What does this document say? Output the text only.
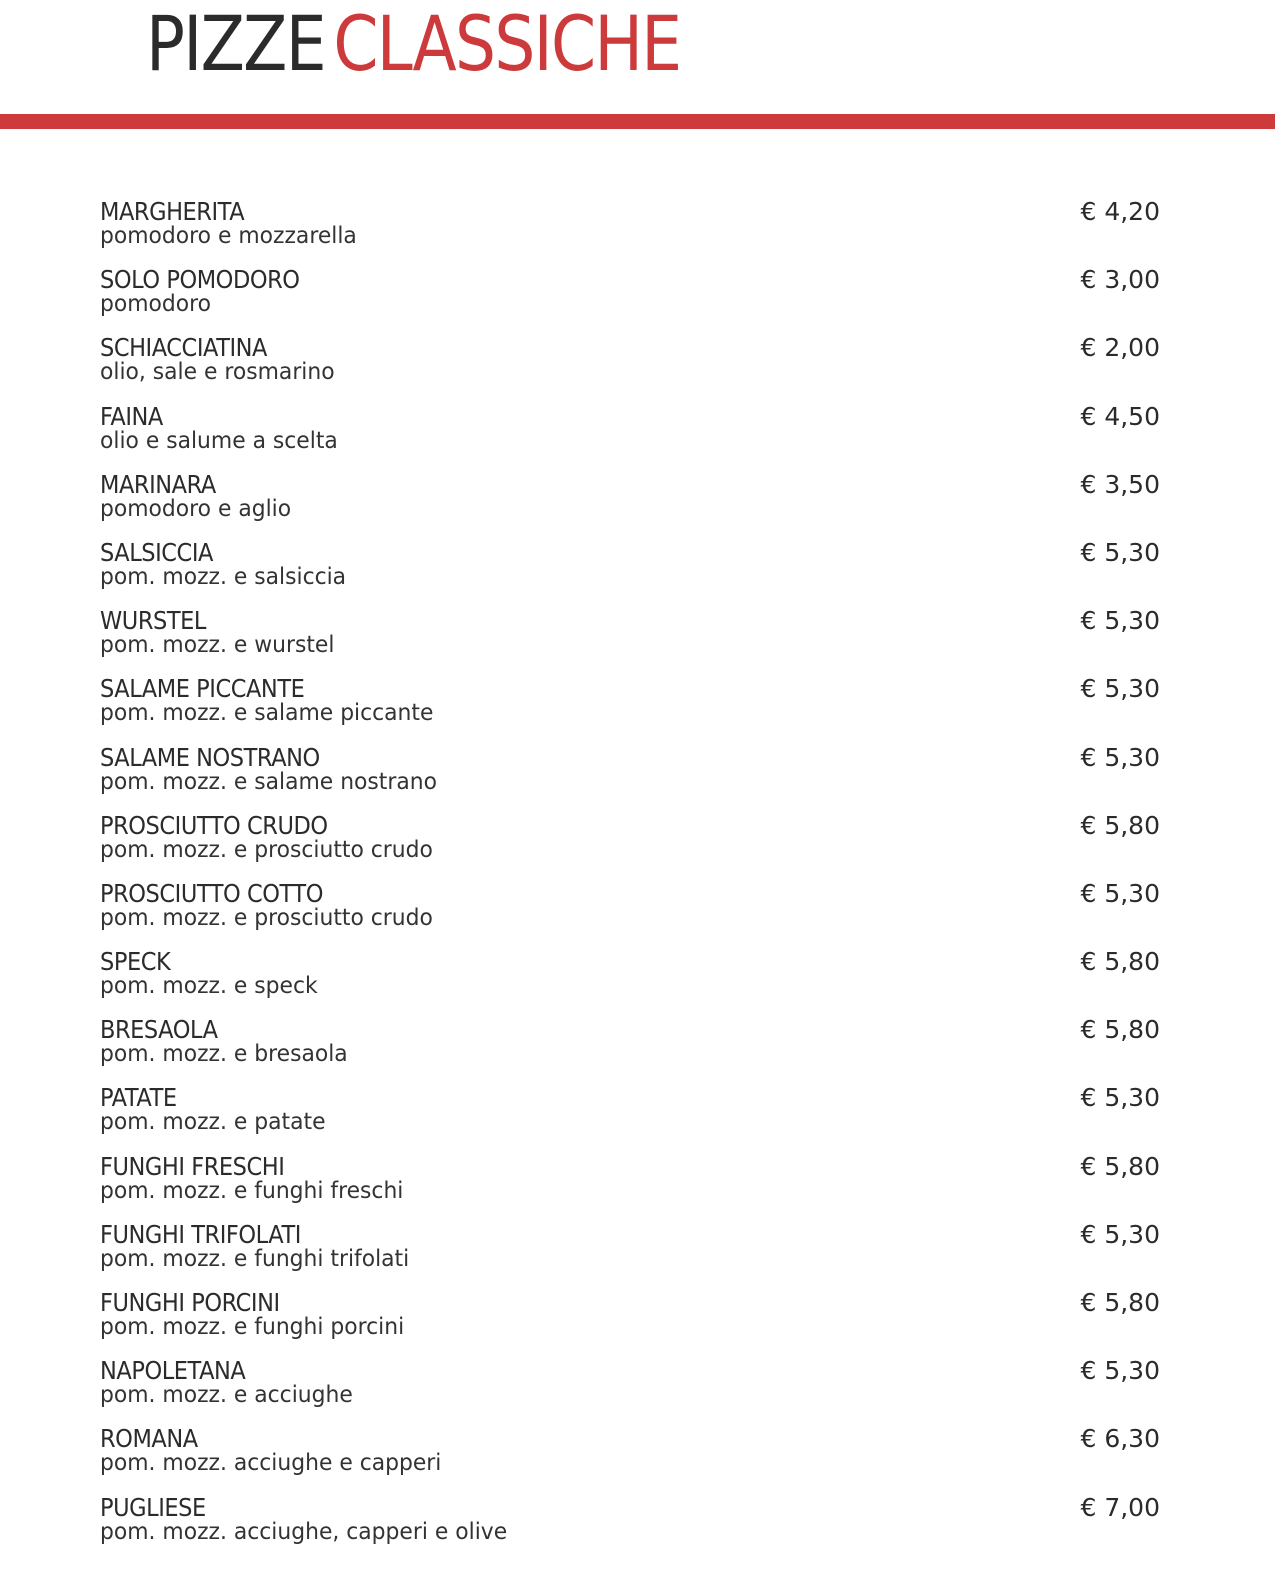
PIZZE CLASSICHE
MARGHERITA
pomodoro e mozzarella
€ 4,20
SOLO POMODORO
pomodoro
€ 3,00
SCHIACCIATINA
olio, sale e rosmarino
€ 2,00
FAINA
olio e salume a scelta
€ 4,50
MARINARA
pomodoro e aglio
€ 3,50
SALSICCIA
pom. mozz. e salsiccia
€ 5,30
WURSTEL
pom. mozz. e wurstel
€ 5,30
SALAME PICCANTE
pom. mozz. e salame piccante
€ 5,30
SALAME NOSTRANO
pom. mozz. e salame nostrano
€ 5,30
PROSCIUTTO CRUDO
pom. mozz. e prosciutto crudo
€ 5,80
PROSCIUTTO COTTO
pom. mozz. e prosciutto crudo
€ 5,30
SPECK
pom. mozz. e speck
€ 5,80
BRESAOLA
pom. mozz. e bresaola
€ 5,80
PATATE
pom. mozz. e patate
€ 5,30
FUNGHI FRESCHI
pom. mozz. e funghi freschi
€ 5,80
FUNGHI TRIFOLATI
pom. mozz. e funghi trifolati
€ 5,30
FUNGHI PORCINI
pom. mozz. e funghi porcini
€ 5,80
NAPOLETANA
pom. mozz. e acciughe
€ 5,30
ROMANA
pom. mozz. acciughe e capperi
€ 6,30
PUGLIESE
pom. mozz. acciughe, capperi e olive
€ 7,00
